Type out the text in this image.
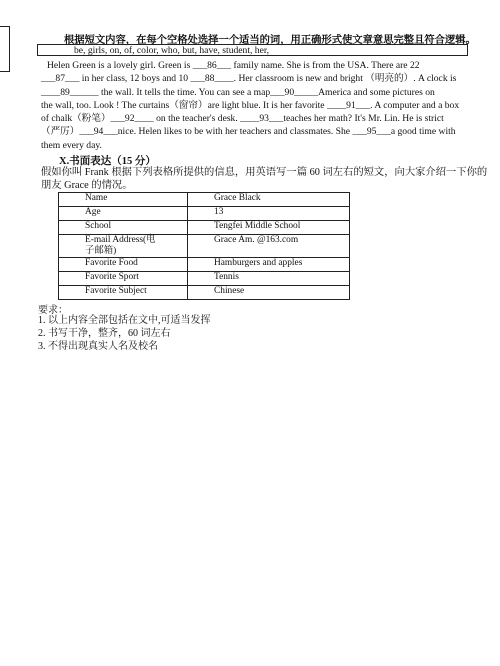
根据短文内容，在每个空格处选择一个适当的词，用正确形式使文章意思完整且符合逻辑。
be, girls, on, of, color, who, but, have, student, her,
Helen Green is a lovely girl. Green is ___86___ family name. She is from the USA. There are 22
___87___ in her class, 12 boys and 10 ___88____. Her classroom is new and bright （明亮的）. A clock is
____89______ the wall. It tells the time. You can see a map___90_____America and some pictures on
the wall, too. Look ! The curtains（窗帘）are light blue. It is her favorite ____91___. A computer and a box
of chalk（粉笔）___92____ on the teacher's desk. ____93___teaches her math? It's Mr. Lin. He is strict
（严厉）___94___nice. Helen likes to be with her teachers and classmates. She ___95___a good time with
them every day.
X.书面表达（15 分）
假如你叫 Frank 根据下列表格所提供的信息，用英语写一篇 60 词左右的短文，向大家介绍一下你的朋友 Grace 的情况。
Name	Grace Black
Age	13
School	Tengfei Middle School
E-mail Address(电子邮箱)	Grace Am. @163.com
Favorite Food	Hamburgers and apples
Favorite Sport	Tennis
Favorite Subject	Chinese
要求：
1. 以上内容全部包括在文中,可适当发挥
2. 书写干净，整齐，60 词左右
3. 不得出现真实人名及校名
